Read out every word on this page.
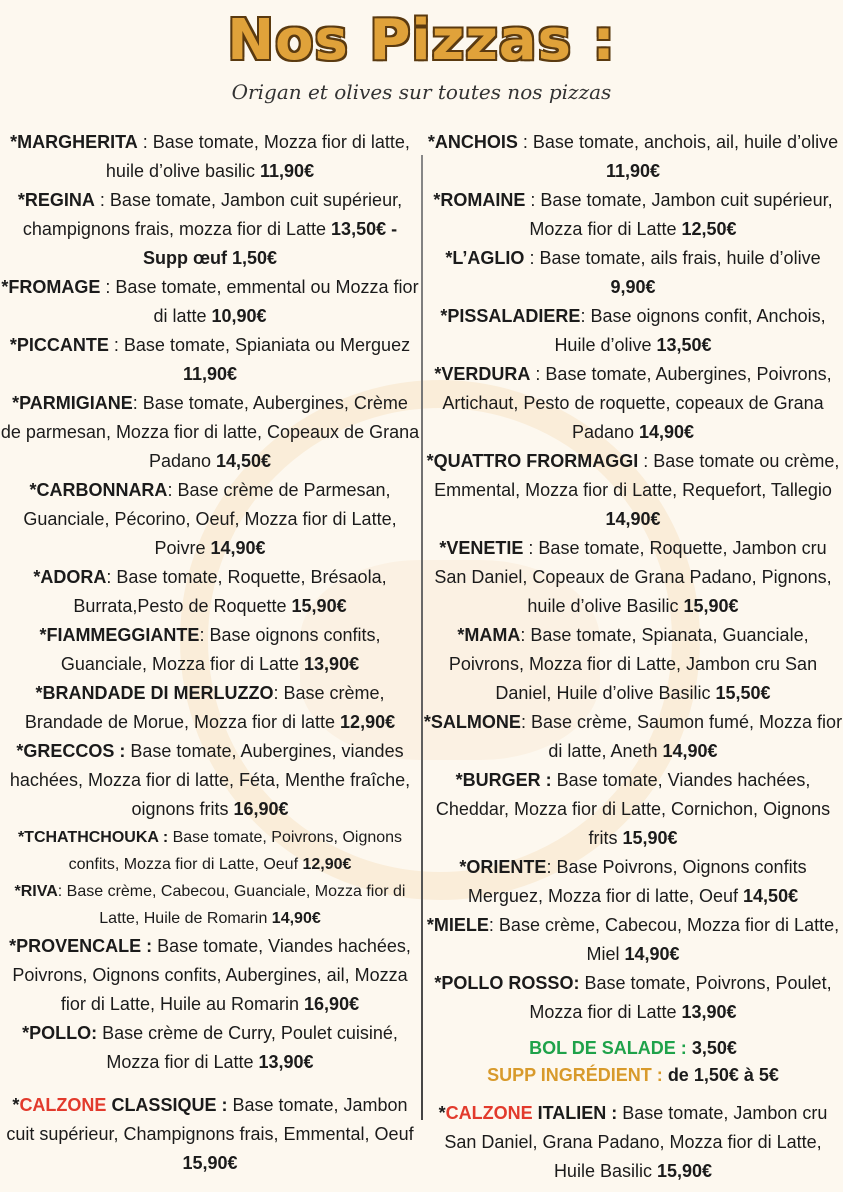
Nos Pizzas :
Origan et olives sur toutes nos pizzas
*MARGHERITA : Base tomate, Mozza fior di latte, huile d’olive basilic 11,90€
*REGINA : Base tomate, Jambon cuit supérieur, champignons frais, mozza fior di Latte 13,50€ - Supp œuf 1,50€
*FROMAGE : Base tomate, emmental ou Mozza fior di latte 10,90€
*PICCANTE : Base tomate, Spianiata ou Merguez 11,90€
*PARMIGIANE: Base tomate, Aubergines, Crème de parmesan, Mozza fior di latte, Copeaux de Grana Padano 14,50€
*CARBONNARA: Base crème de Parmesan, Guanciale, Pécorino, Oeuf, Mozza fior di Latte, Poivre 14,90€
*ADORA: Base tomate, Roquette, Brésaola, Burrata,Pesto de Roquette 15,90€
*FIAMMEGGIANTE: Base oignons confits, Guanciale, Mozza fior di Latte 13,90€
*BRANDADE DI MERLUZZO: Base crème, Brandade de Morue, Mozza fior di latte 12,90€
*GRECCOS : Base tomate, Aubergines, viandes hachées, Mozza fior di latte, Féta, Menthe fraîche, oignons frits 16,90€
*TCHATHCHOUKA : Base tomate, Poivrons, Oignons confits, Mozza fior di Latte, Oeuf 12,90€
*RIVA: Base crème, Cabecou, Guanciale, Mozza fior di Latte, Huile de Romarin 14,90€
*PROVENCALE : Base tomate, Viandes hachées, Poivrons, Oignons confits, Aubergines, ail, Mozza fior di Latte, Huile au Romarin 16,90€
*POLLO: Base crème de Curry, Poulet cuisiné, Mozza fior di Latte 13,90€
*CALZONE CLASSIQUE : Base tomate, Jambon cuit supérieur, Champignons frais, Emmental, Oeuf 15,90€
*ANCHOIS : Base tomate, anchois, ail, huile d’olive 11,90€
*ROMAINE : Base tomate, Jambon cuit supérieur, Mozza fior di Latte 12,50€
*L’AGLIO : Base tomate, ails frais, huile d’olive 9,90€
*PISSALADIERE: Base oignons confit, Anchois, Huile d’olive 13,50€
*VERDURA : Base tomate, Aubergines, Poivrons, Artichaut, Pesto de roquette, copeaux de Grana Padano 14,90€
*QUATTRO FRORMAGGI : Base tomate ou crème, Emmental, Mozza fior di Latte, Requefort, Tallegio 14,90€
*VENETIE : Base tomate, Roquette, Jambon cru San Daniel, Copeaux de Grana Padano, Pignons, huile d’olive Basilic 15,90€
*MAMA: Base tomate, Spianata, Guanciale, Poivrons, Mozza fior di Latte, Jambon cru San Daniel, Huile d’olive Basilic 15,50€
*SALMONE: Base crème, Saumon fumé, Mozza fior di latte, Aneth 14,90€
*BURGER : Base tomate, Viandes hachées, Cheddar, Mozza fior di Latte, Cornichon, Oignons frits 15,90€
*ORIENTE: Base Poivrons, Oignons confits Merguez, Mozza fior di latte, Oeuf 14,50€
*MIELE: Base crème, Cabecou, Mozza fior di Latte, Miel 14,90€
*POLLO ROSSO: Base tomate, Poivrons, Poulet, Mozza fior di Latte 13,90€
BOL DE SALADE : 3,50€
SUPP INGRÉDIENT : de 1,50€ à 5€
*CALZONE ITALIEN : Base tomate, Jambon cru San Daniel, Grana Padano, Mozza fior di Latte, Huile Basilic 15,90€
